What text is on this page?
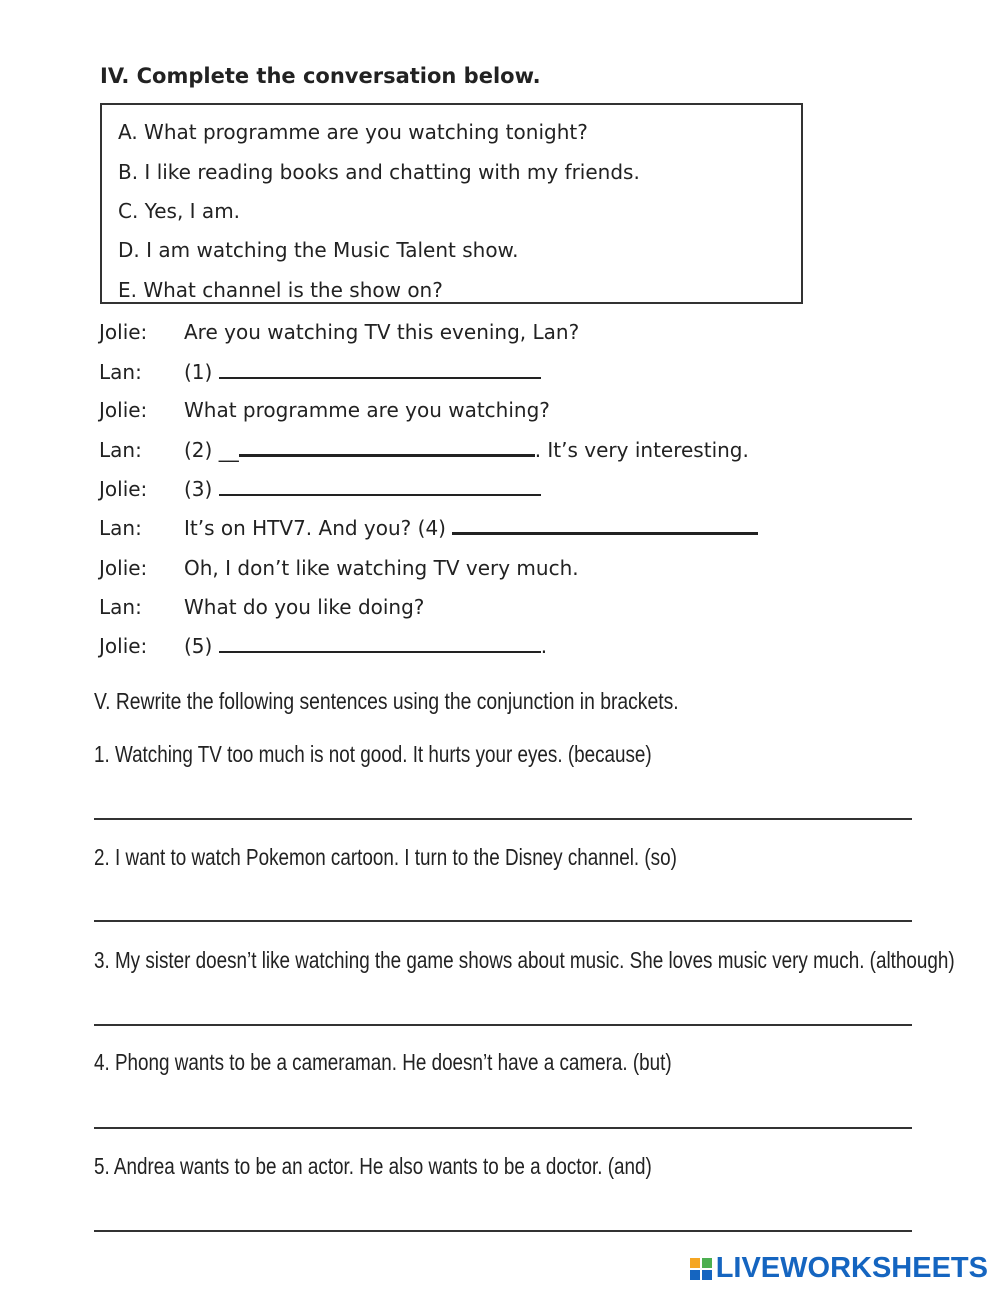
IV. Complete the conversation below.
A. What programme are you watching tonight?
B. I like reading books and chatting with my friends.
C. Yes, I am.
D. I am watching the Music Talent show.
E. What channel is the show on?
Jolie: Are you watching TV this evening, Lan?
Lan: (1)
Jolie: What programme are you watching?
Lan: (2) __	. It’s very interesting.
Jolie: (3)
Lan: It’s on HTV7. And you? (4)
Jolie: Oh, I don’t like watching TV very much.
Lan: What do you like doing?
Jolie: (5)	.
V. Rewrite the following sentences using the conjunction in brackets.
1. Watching TV too much is not good. It hurts your eyes. (because)
2. I want to watch Pokemon cartoon. I turn to the Disney channel. (so)
3. My sister doesn’t like watching the game shows about music. She loves music very much. (although)
4. Phong wants to be a cameraman. He doesn’t have a camera. (but)
5. Andrea wants to be an actor. He also wants to be a doctor. (and)
LIVEWORKSHEETS
